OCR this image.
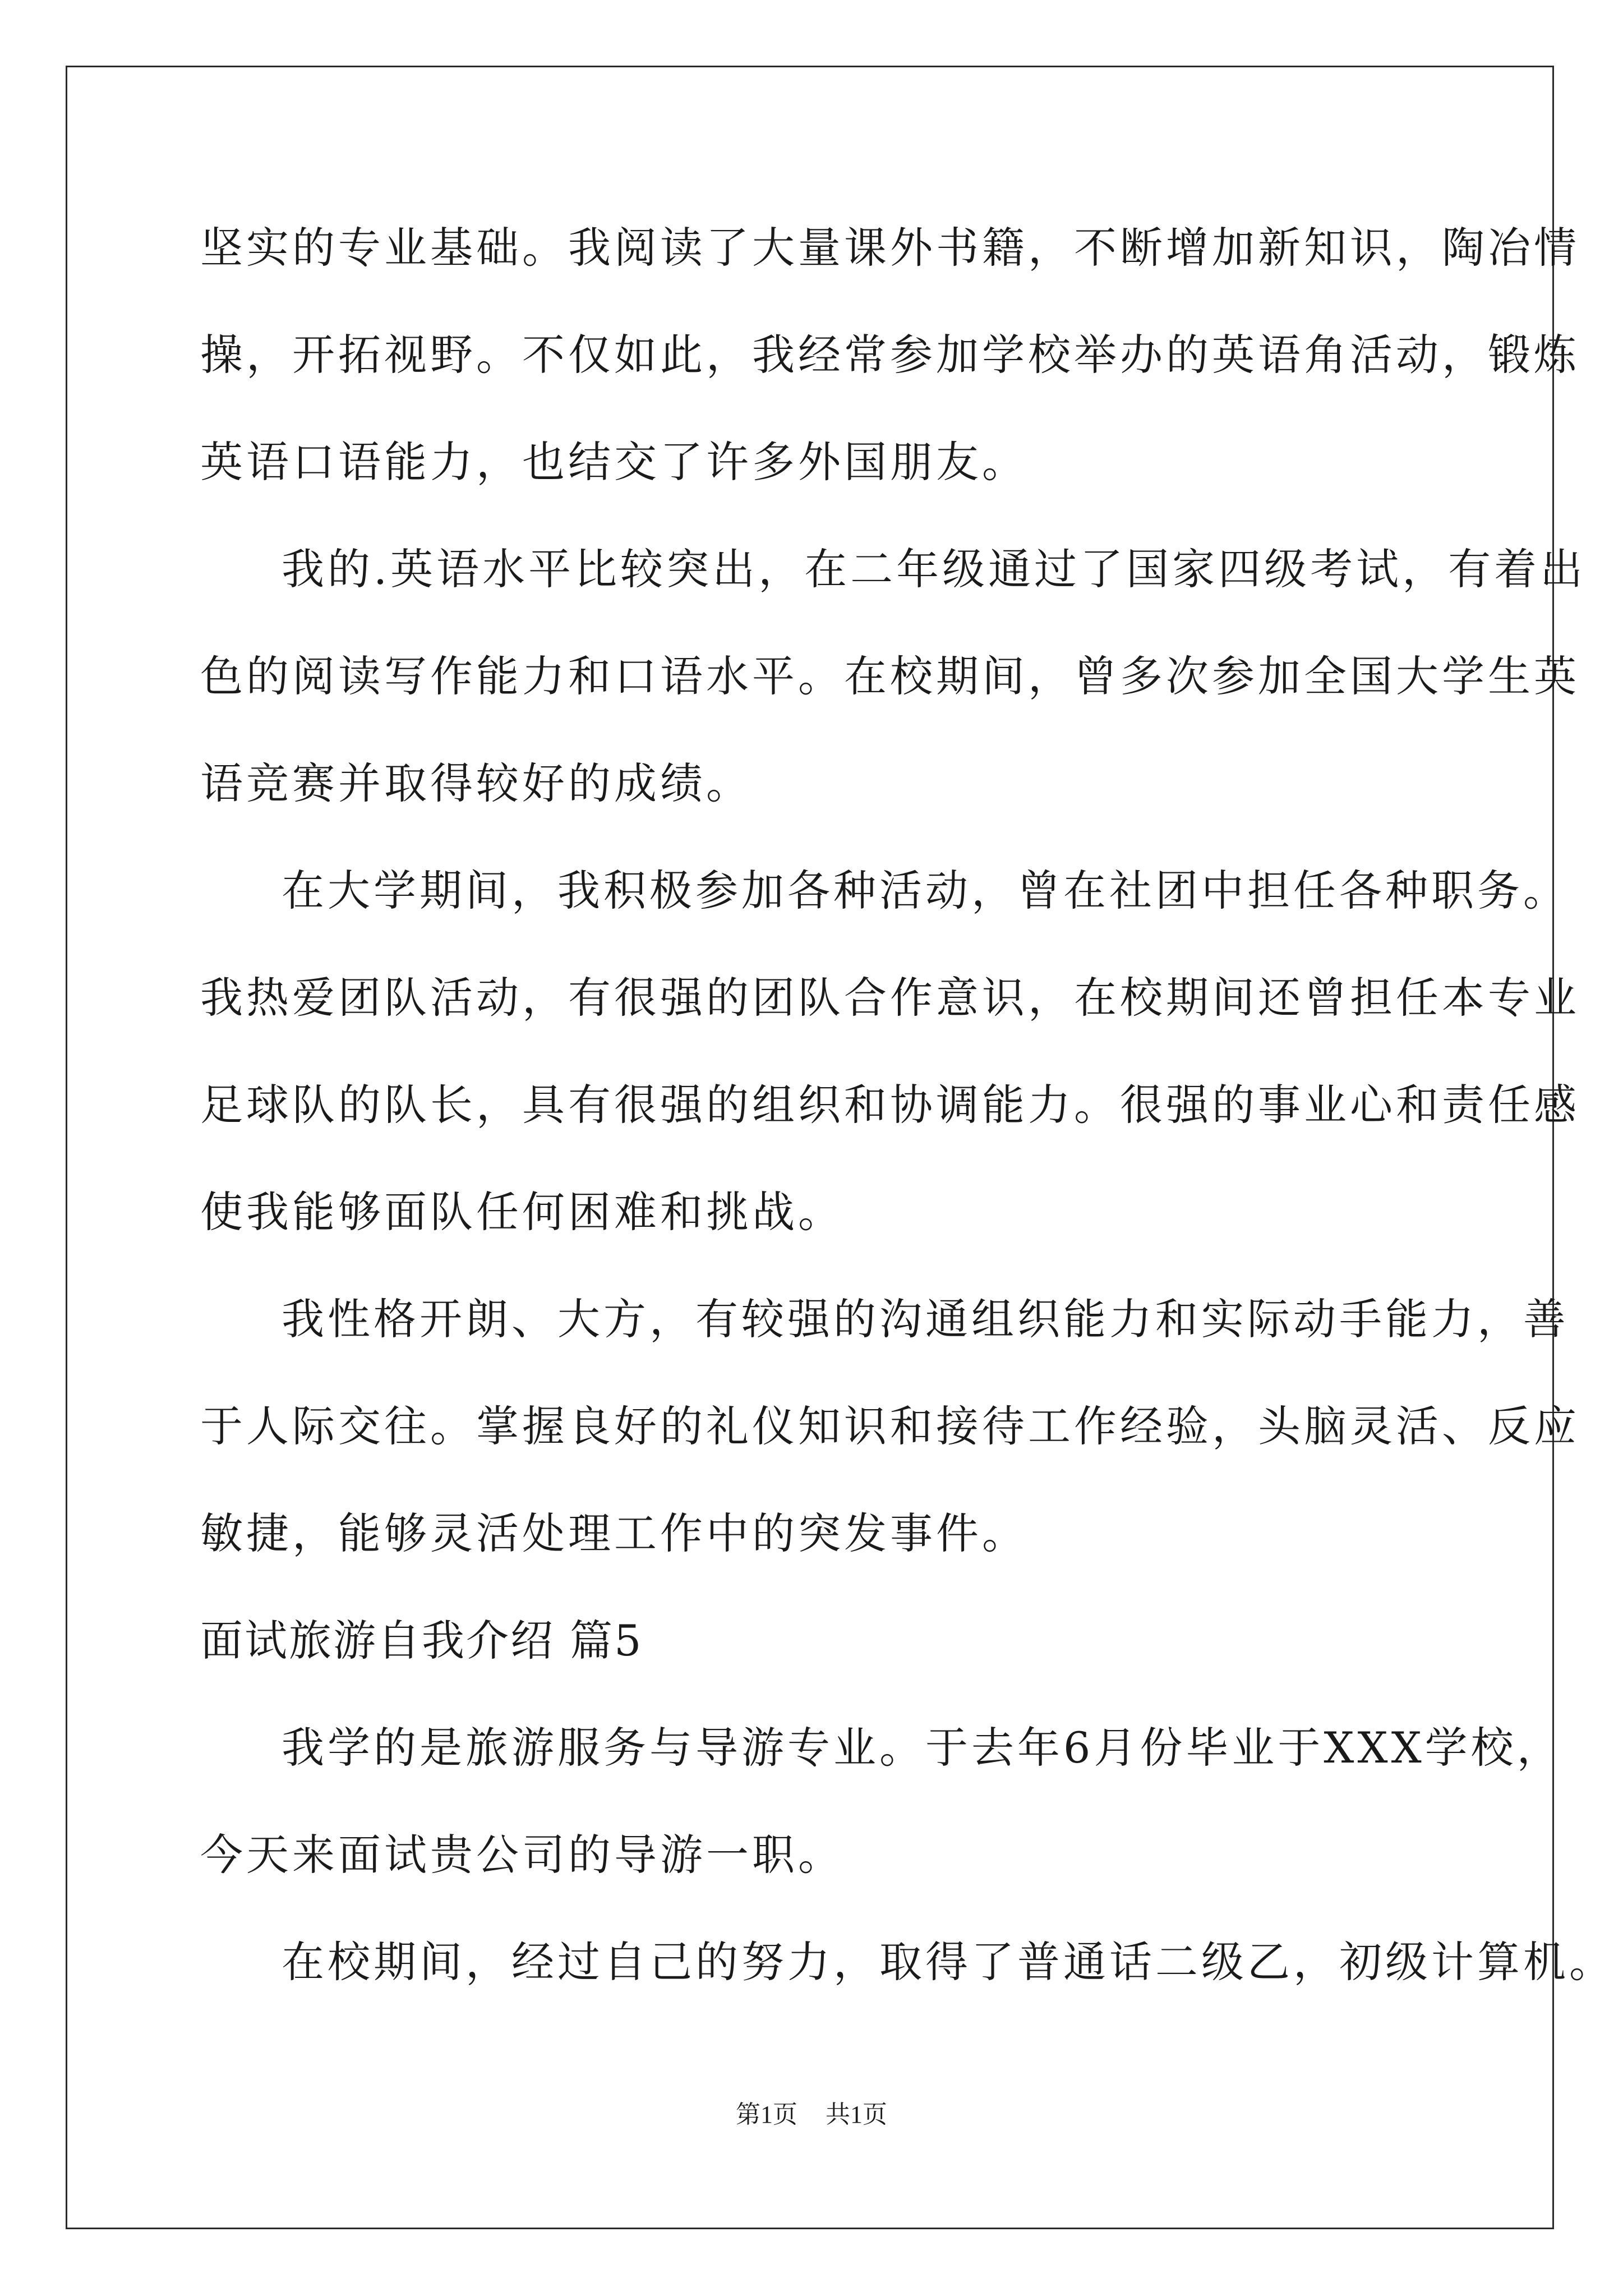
坚实的专业基础。我阅读了大量课外书籍，不断增加新知识，陶冶情
操，开拓视野。不仅如此，我经常参加学校举办的英语角活动，锻炼
英语口语能力，也结交了许多外国朋友。
我的.英语水平比较突出，在二年级通过了国家四级考试，有着出
色的阅读写作能力和口语水平。在校期间，曾多次参加全国大学生英
语竞赛并取得较好的成绩。
在大学期间，我积极参加各种活动，曾在社团中担任各种职务。
我热爱团队活动，有很强的团队合作意识，在校期间还曾担任本专业
足球队的队长，具有很强的组织和协调能力。很强的事业心和责任感
使我能够面队任何困难和挑战。
我性格开朗、大方，有较强的沟通组织能力和实际动手能力，善
于人际交往。掌握良好的礼仪知识和接待工作经验，头脑灵活、反应
敏捷，能够灵活处理工作中的突发事件。
面试旅游自我介绍 篇5
我学的是旅游服务与导游专业。于去年6月份毕业于XXX学校，
今天来面试贵公司的导游一职。
在校期间，经过自己的努力，取得了普通话二级乙，初级计算机。
第1页 共1页
